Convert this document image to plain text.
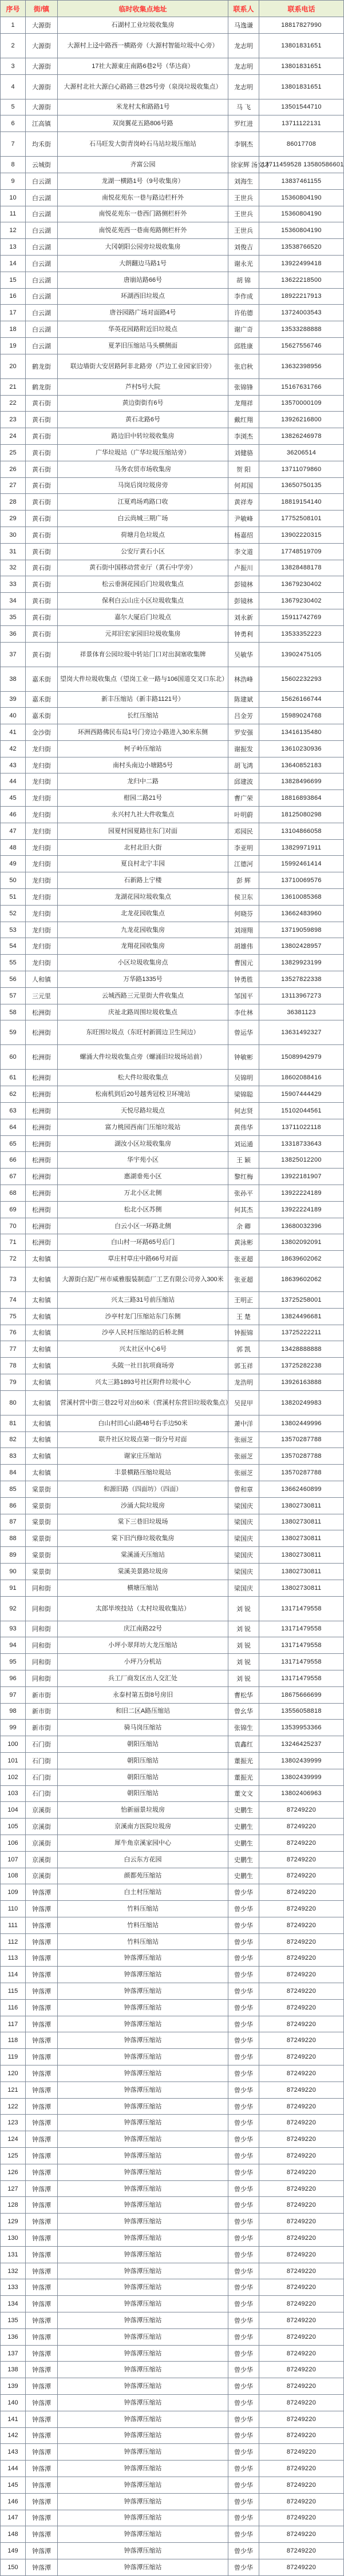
序号	街/镇	临时收集点地址	联系人	联系电话
1	大源街	石湖村工业垃圾收集房	马逸谦	18817827990
2	大源街	大源村上迳中路西一横路旁（大源村智能垃圾中心旁）	龙志明	13801831651
3	大源街	17社大源東庄南路6巷2号（华达商）	龙志明	13801831651
4	大源街	大源村北社大源白心路路三巷25号旁（泉岗垃圾收集点）	龙志明	13801831651
5	大源街	米龙村太和路路1号	马 飞	13501544710
6	江高镇	双岗翼花五路806号路	罗红进	13711122131
7	均禾街	石马旺发大街青岗岭石马站垃圾压缩站	李钢杰	86017708
8	云城街	齐富公园	徐家辉 汤文才	13711459528 13580586601
9	白云湖	龙湖一横路1号（9号收集房）	刘海生	13837461155
10	白云湖	南悦花苑东一巷与路边栏杆外	王世兵	15360804190
11	白云湖	南悦花苑东一巷西门路侧栏杆外	王世兵	15360804190
12	白云湖	南悦花苑西一巷南苑路侧栏杆外	王世兵	15360804190
13	白云湖	大冈朝阳公园旁垃圾收集房	刘俊吉	13538766520
14	白云湖	大朗翻边马路1号	谢永光	13922499418
15	白云湖	唐崩站路66号	胡 锦	13622218500
16	白云湖	环湖西旧垃圾点	李作成	18922217913
17	白云湖	唐谷园路广场对面路4号	许佑德	13724003543
18	白云湖	华英花园路附近旧垃圾点	谢广奇	13533288888
19	白云湖	夏茅旧压缩站马头横侧面	邱胜康	15627556746
20	鹤龙街	联边墙街大安居路阿非北路旁（芦边工业园家旧旁）	张启秋	13632398956
21	鹤龙街	芦村5号大院	张锦锋	15167631766
22	黄石街	黄边街街有6号	龙翔祥	13570000109
23	黄石街	黄石北路6号	戴红翔	13926216800
24	黄石街	路边旧中转垃圾收集房	李浏杰	13826246978
25	黄石街	广华垃圾站（广华垃圾压缩站旁）	刘健骆	36206514
26	黄石街	马务农贸市场收集房	贺 阳	13711079860
27	黄石街	马岗后岗垃圾房旁	何邦国	13650750135
28	黄石街	江夏鸡场鸡路口收	黄祥寿	18819154140
29	黄石街	白云尚城三期广场	尹敏峰	17752508101
30	黄石街	荷塘月色垃圾点	杨嘉绍	13902220315
31	黄石街	公安厅黄石小区	李文道	17748519709
32	黄石街	黄石街中国移动营业厅（黄石中学旁）	卢振川	13828488178
33	黄石街	松云垂涧花园后门垃圾收集点	彭镜林	13679230402
34	黄石街	保利白云山庄小区垃圾收集点	彭镜林	13679230402
35	黄石街	嘉尔大厦后门垃圾点	刘永新	15911742769
36	黄石街	元邦旧宏家园旧垃圾收集房	钟勇利	13533352223
37	黄石街	祥景体育公园垃圾中转站门口对出洞塞收集牌	吴敏华	13902475105
38	嘉禾街	望岗大件垃圾收集点（望岗工业一路与106国道交叉口东北）	林浩峰	15602232293
39	嘉禾街	新丰压缩站（新丰路1121号）	陈建斌	15626166744
40	嘉禾街	长红压缩站	吕金芳	15989024768
41	金沙街	环洲西路佛民布局1号门旁边小路进入30米东侧	罗安强	13416135480
42	龙归街	柯子岭压缩站	谢振发	13610230936
43	龙归街	南村头南边小塘路5号	胡飞鸿	13640852183
44	龙归街	龙归中二路	邱建波	13828496699
45	龙归街	柑园二路21号	曹广荣	18816893864
46	龙归街	永兴村九社大件收集点	叶明蔚	18125080298
47	龙归街	园夏村园夏路往东门对面	邓园民	13104866058
48	龙归街	北村北旧大街	李亚明	13829971911
49	龙归街	夏良村北宁丰园	江德河	15992461414
50	龙归街	石新路上宁楼	彭 辉	13710069576
51	龙归街	龙湖花园垃圾收集点	侯卫东	13610085368
52	龙归街	北龙花园收集点	何晓芬	13662483960
53	龙归街	九龙花园收集房	刘翊翔	13719059898
54	龙归街	龙翔花园收集房	胡雄伟	13802428957
55	龙归街	小区垃圾收集房点	曹国元	13829923199
56	人和镇	万华路1335号	钟勇胜	13527822338
57	三元里	云城西路三元里街大件收集点	邹国平	13113967273
58	松洲街	庆祉北路周围垃圾收集点	李仕林	36381123
59	松洲街	东旺围垃圾点（东旺村新圆边卫生间边）	曾运华	13631492327
60	松洲街	螺涌大件垃圾收集点旁（螺涌旧垃圾场站前）	钟敏彬	15089942979
61	松洲街	松大件垃圾收集点	吴锦明	18602088416
62	松洲街	松南机到后20号越秀冠校卫环境站	梁锦聪	15907444429
63	松洲街	天悦尽路垃圾点	何志贤	15102044561
64	松洲街	富力桃园西南门压缩垃圾站	黄伟华	13711022118
65	松洲街	湖汝小区垃圾收集房	刘运通	13318733643
66	松洲街	华宇苑小区	王 颖	13825012200
67	松洲街	惠湖垂苑小区	黎红梅	13922181907
68	松洲街	万北小区北侧	张孙平	13922224189
69	松洲街	松北小区苏侧	何其杰	13922224189
70	松洲街	白云小区一环路北侧	余 卿	13680032396
71	松洲街	白山村一环路65号后门	黄泳彬	13802092091
72	太和镇	草庄村草庄中路66号对面	张亚超	18639602062
73	太和镇	大源街白泥广州市威雅服装制造厂工艺有限公司旁入300米	张亚超	18639602062
74	太和镇	兴太三路31号前压缩站	王明正	13725258001
75	太和镇	沙亭村龙门压缩站东门东侧	王 楚	13824496681
76	太和镇	沙亭人民村压缩站的后桥北侧	钟振锦	13725222211
77	太和镇	兴太社区中心6号	郭 凯	13428888888
78	太和镇	头陂一社日抗项商场旁	郭玉祥	13725282238
79	太和镇	兴太三路1893号社区附件垃圾中心	龙浩明	13926163888
80	太和镇	营溪村营中街三巷22号对出60米（营溪村东营旧垃圾收集点）	吴昆甲	13820249983
81	太和镇	白山村田心山路48号右手边50米	萧中洋	13802449996
82	太和镇	联升社区垃圾点第一街分号对面	张丽芝	13570287788
83	太和镇	谢家庄压缩站	张丽芝	13570287788
84	太和镇	丰景横路压缩垃圾站	张丽芝	13570287788
85	棠景街	和源旧路（四面坊）（四面）	曾和章	13662460899
86	棠景街	沙涌大院垃圾房	梁国庆	13802730811
87	棠景街	棠下三巷旧垃圾场	梁国庆	13802730811
88	棠景街	棠下旧汽修垃圾收集房	梁国庆	13802730811
89	棠景街	棠溪涌天压缩站	梁国庆	13802730811
90	棠景街	棠溪美景路垃圾房	梁国庆	13802730811
91	同和街	横塘压缩站	梁国庆	13802730811
92	同和街	太郎毕埃技站（太村垃圾收集站）	刘 锐	13171479558
93	同和街	庆江南路22号	刘 锐	13171479558
94	同和街	小坪小翠拜坊大龙压缩站	刘 锐	13171479558
95	同和街	小坪乃分机站	刘 锐	13171479558
96	同和街	兵工厂商发区出人交汇处	刘 锐	13171479558
97	新市街	永泰村第五街8号房旧	曹松华	18675666699
98	新市街	和旧二区A路压缩站	曾幺华	13556058818
99	新市街	骑马岗压缩站	张锦生	13539953366
100	石门街	朝阳压缩站	袁鑫红	13246425237
101	石门街	朝阳压缩站	董振光	13802439999
102	石门街	朝阳压缩站	董振光	13802439999
103	石门街	朝阳压缩站	董文文	13802406963
104	京溪街	怡新丽景垃圾房	史鹏生	87249220
105	京溪街	京溪南方医院垃圾房	史鹏生	87249220
106	京溪街	犀牛角京溪家园中心	史鹏生	87249220
107	京溪街	白云东方花园	史鹏生	87249220
108	京溪街	颜都苑压缩站	史鹏生	87249220
109	钟落潭	白土村压缩站	曾少华	87249220
110	钟落潭	竹料压缩站	曾少华	87249220
111	钟落潭	竹料压缩站	曾少华	87249220
112	钟落潭	竹料压缩站	曾少华	87249220
113	钟落潭	钟落潭压缩站	曾少华	87249220
114	钟落潭	钟落潭压缩站	曾少华	87249220
115	钟落潭	钟落潭压缩站	曾少华	87249220
116	钟落潭	钟落潭压缩站	曾少华	87249220
117	钟落潭	钟落潭压缩站	曾少华	87249220
118	钟落潭	钟落潭压缩站	曾少华	87249220
119	钟落潭	钟落潭压缩站	曾少华	87249220
120	钟落潭	钟落潭压缩站	曾少华	87249220
121	钟落潭	钟落潭压缩站	曾少华	87249220
122	钟落潭	钟落潭压缩站	曾少华	87249220
123	钟落潭	钟落潭压缩站	曾少华	87249220
124	钟落潭	钟落潭压缩站	曾少华	87249220
125	钟落潭	钟落潭压缩站	曾少华	87249220
126	钟落潭	钟落潭压缩站	曾少华	87249220
127	钟落潭	钟落潭压缩站	曾少华	87249220
128	钟落潭	钟落潭压缩站	曾少华	87249220
129	钟落潭	钟落潭压缩站	曾少华	87249220
130	钟落潭	钟落潭压缩站	曾少华	87249220
131	钟落潭	钟落潭压缩站	曾少华	87249220
132	钟落潭	钟落潭压缩站	曾少华	87249220
133	钟落潭	钟落潭压缩站	曾少华	87249220
134	钟落潭	钟落潭压缩站	曾少华	87249220
135	钟落潭	钟落潭压缩站	曾少华	87249220
136	钟落潭	钟落潭压缩站	曾少华	87249220
137	钟落潭	钟落潭压缩站	曾少华	87249220
138	钟落潭	钟落潭压缩站	曾少华	87249220
139	钟落潭	钟落潭压缩站	曾少华	87249220
140	钟落潭	钟落潭压缩站	曾少华	87249220
141	钟落潭	钟落潭压缩站	曾少华	87249220
142	钟落潭	钟落潭压缩站	曾少华	87249220
143	钟落潭	钟落潭压缩站	曾少华	87249220
144	钟落潭	钟落潭压缩站	曾少华	87249220
145	钟落潭	钟落潭压缩站	曾少华	87249220
146	钟落潭	钟落潭压缩站	曾少华	87249220
147	钟落潭	钟落潭压缩站	曾少华	87249220
148	钟落潭	钟落潭压缩站	曾少华	87249220
149	钟落潭	钟落潭压缩站	曾少华	87249220
150	钟落潭	钟落潭压缩站	曾少华	87249220
